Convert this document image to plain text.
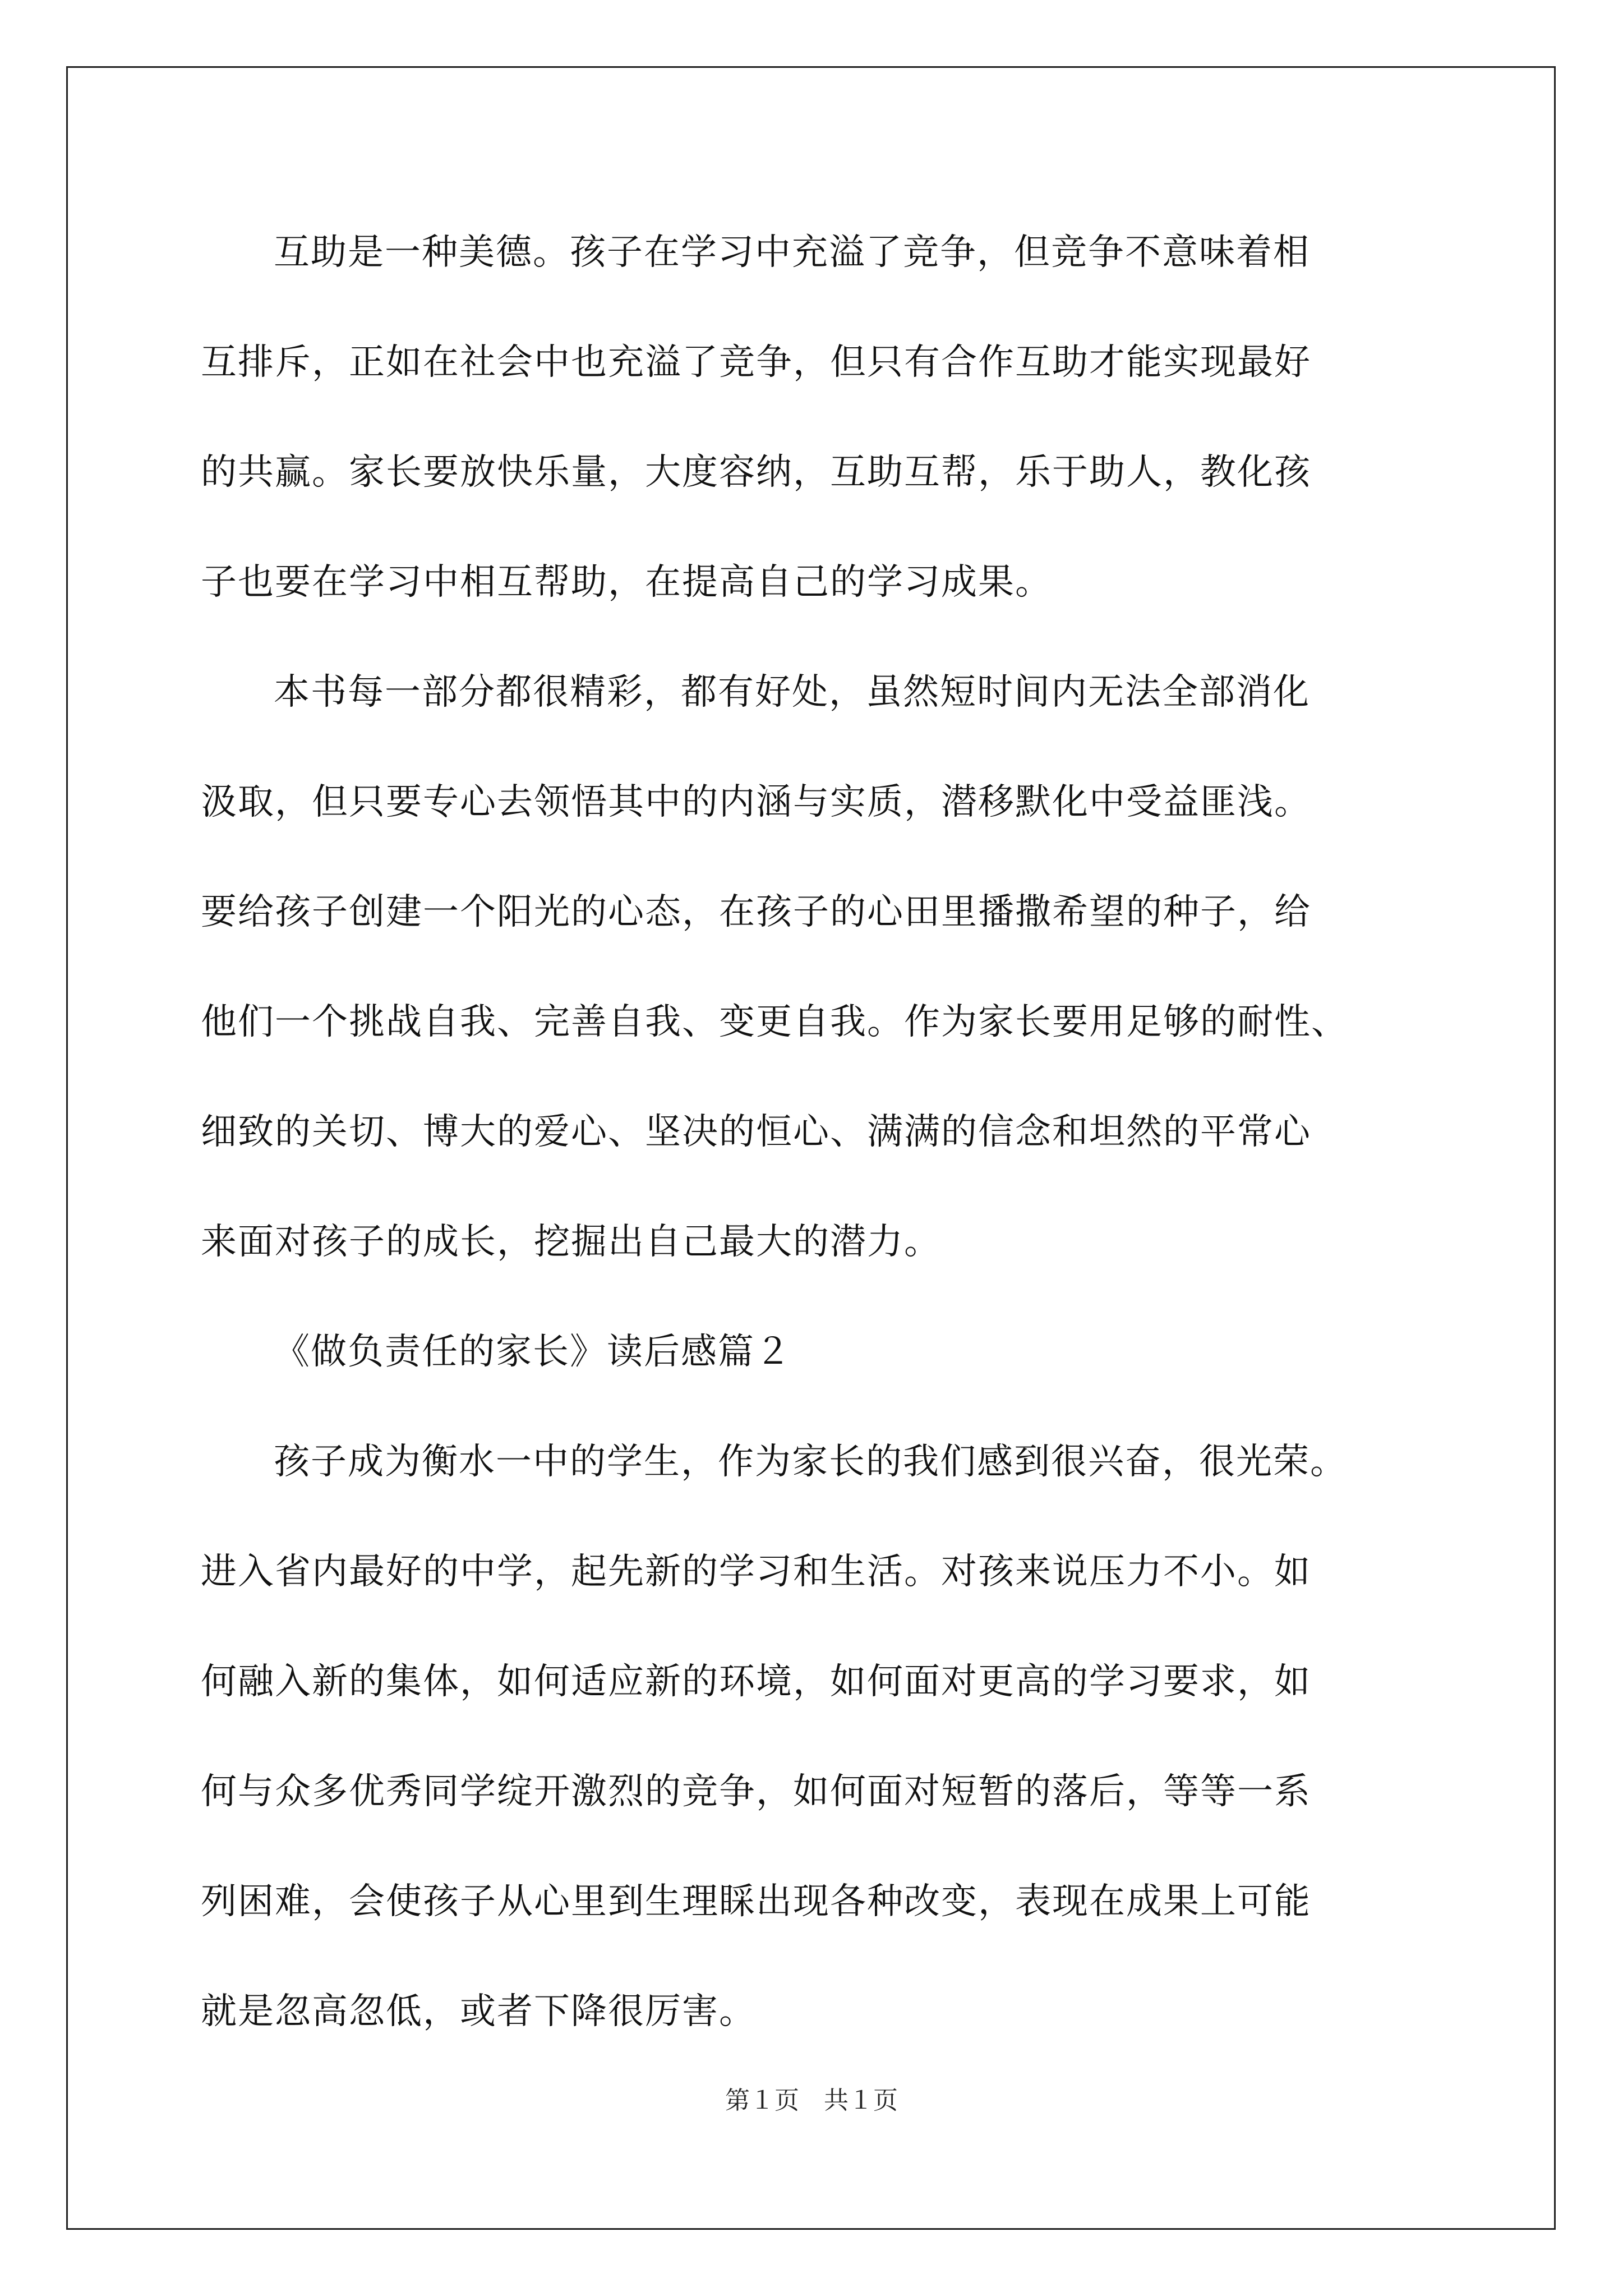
互助是一种美德。孩子在学习中充溢了竞争，但竞争不意味着相
互排斥，正如在社会中也充溢了竞争，但只有合作互助才能实现最好
的共赢。家长要放快乐量，大度容纳，互助互帮，乐于助人，教化孩
子也要在学习中相互帮助，在提高自己的学习成果。
本书每一部分都很精彩，都有好处，虽然短时间内无法全部消化
汲取，但只要专心去领悟其中的内涵与实质，潜移默化中受益匪浅。
要给孩子创建一个阳光的心态，在孩子的心田里播撒希望的种子，给
他们一个挑战自我、完善自我、变更自我。作为家长要用足够的耐性、
细致的关切、博大的爱心、坚决的恒心、满满的信念和坦然的平常心
来面对孩子的成长，挖掘出自己最大的潜力。
《做负责任的家长》读后感篇２
孩子成为衡水一中的学生，作为家长的我们感到很兴奋，很光荣。
进入省内最好的中学，起先新的学习和生活。对孩来说压力不小。如
何融入新的集体，如何适应新的环境，如何面对更高的学习要求，如
何与众多优秀同学绽开激烈的竞争，如何面对短暂的落后，等等一系
列困难，会使孩子从心里到生理睬出现各种改变，表现在成果上可能
就是忽高忽低，或者下降很厉害。
第１页　共１页
